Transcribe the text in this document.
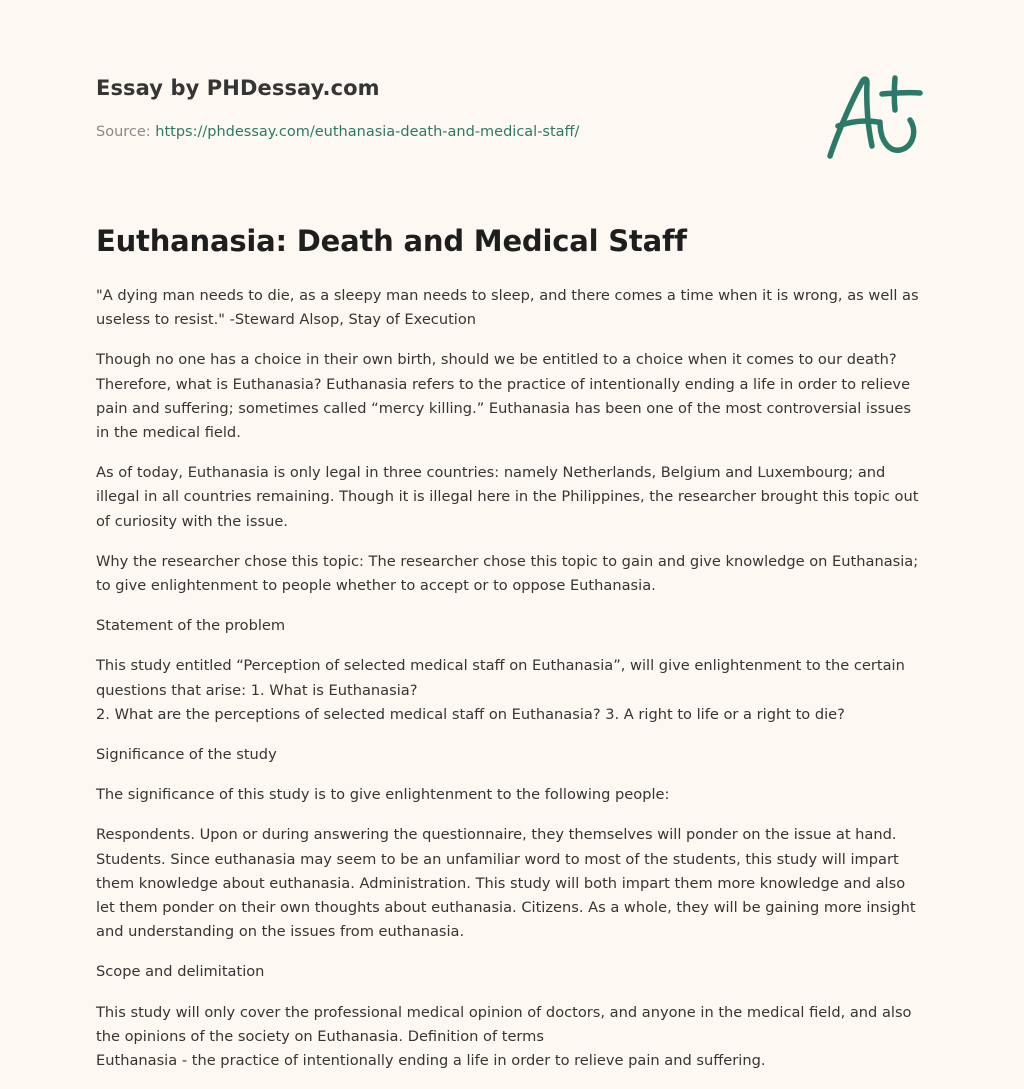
Essay by PHDessay.com
Source: https://phdessay.com/euthanasia-death-and-medical-staff/
Euthanasia: Death and Medical Staff

"A dying man needs to die, as a sleepy man needs to sleep, and there comes a time when it is wrong, as well as useless to resist." -Steward Alsop, Stay of Execution

Though no one has a choice in their own birth, should we be entitled to a choice when it comes to our death? Therefore, what is Euthanasia? Euthanasia refers to the practice of intentionally ending a life in order to relieve pain and suffering; sometimes called “mercy killing.” Euthanasia has been one of the most controversial issues in the medical field.

As of today, Euthanasia is only legal in three countries: namely Netherlands, Belgium and Luxembourg; and illegal in all countries remaining. Though it is illegal here in the Philippines, the researcher brought this topic out of curiosity with the issue.

Why the researcher chose this topic: The researcher chose this topic to gain and give knowledge on Euthanasia; to give enlightenment to people whether to accept or to oppose Euthanasia.

Statement of the problem

This study entitled “Perception of selected medical staff on Euthanasia”, will give enlightenment to the certain questions that arise: 1. What is Euthanasia?
2. What are the perceptions of selected medical staff on Euthanasia? 3. A right to life or a right to die?

Significance of the study

The significance of this study is to give enlightenment to the following people:

Respondents. Upon or during answering the questionnaire, they themselves will ponder on the issue at hand. Students. Since euthanasia may seem to be an unfamiliar word to most of the students, this study will impart them knowledge about euthanasia. Administration. This study will both impart them more knowledge and also let them ponder on their own thoughts about euthanasia. Citizens. As a whole, they will be gaining more insight and understanding on the issues from euthanasia.

Scope and delimitation

This study will only cover the professional medical opinion of doctors, and anyone in the medical field, and also the opinions of the society on Euthanasia. Definition of terms
Euthanasia - the practice of intentionally ending a life in order to relieve pain and suffering.
